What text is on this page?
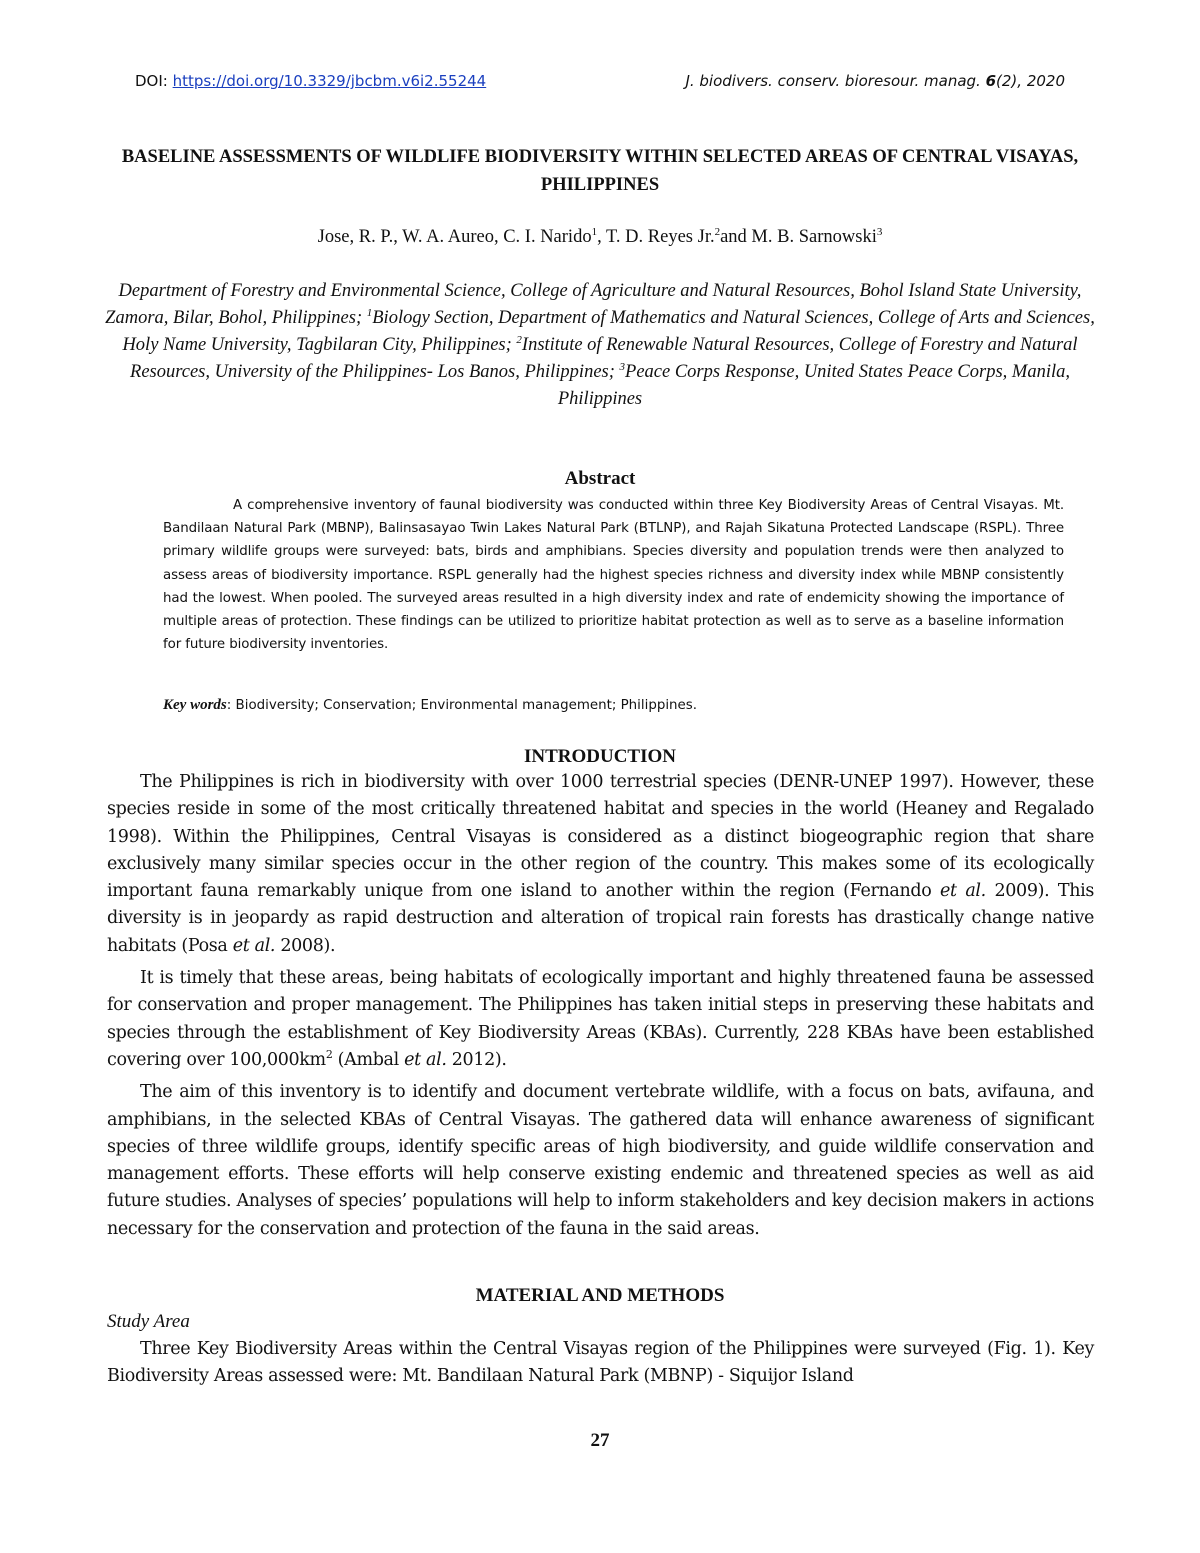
DOI: https://doi.org/10.3329/jbcbm.v6i2.55244	J. biodivers. conserv. bioresour. manag. 6(2), 2020
BASELINE ASSESSMENTS OF WILDLIFE BIODIVERSITY WITHIN SELECTED AREAS OF CENTRAL VISAYAS, PHILIPPINES
Jose, R. P., W. A. Aureo, C. I. Narido$^1$, T. D. Reyes Jr.$^2$and M. B. Sarnowski$^3$
Department of Forestry and Environmental Science, College of Agriculture and Natural Resources, Bohol Island State University, Zamora, Bilar, Bohol, Philippines; $^1$Biology Section, Department of Mathematics and Natural Sciences, College of Arts and Sciences, Holy Name University, Tagbilaran City, Philippines; $^2$Institute of Renewable Natural Resources, College of Forestry and Natural Resources, University of the Philippines- Los Banos, Philippines; $^3$Peace Corps Response, United States Peace Corps, Manila, Philippines
Abstract
A comprehensive inventory of faunal biodiversity was conducted within three Key Biodiversity Areas of Central Visayas. Mt. Bandilaan Natural Park (MBNP), Balinsasayao Twin Lakes Natural Park (BTLNP), and Rajah Sikatuna Protected Landscape (RSPL). Three primary wildlife groups were surveyed: bats, birds and amphibians. Species diversity and population trends were then analyzed to assess areas of biodiversity importance. RSPL generally had the highest species richness and diversity index while MBNP consistently had the lowest. When pooled. The surveyed areas resulted in a high diversity index and rate of endemicity showing the importance of multiple areas of protection. These findings can be utilized to prioritize habitat protection as well as to serve as a baseline information for future biodiversity inventories.
Key words: Biodiversity; Conservation; Environmental management; Philippines.
INTRODUCTION

The Philippines is rich in biodiversity with over 1000 terrestrial species (DENR-UNEP 1997). However, these species reside in some of the most critically threatened habitat and species in the world (Heaney and Regalado 1998). Within the Philippines, Central Visayas is considered as a distinct biogeographic region that share exclusively many similar species occur in the other region of the country. This makes some of its ecologically important fauna remarkably unique from one island to another within the region (Fernando et al. 2009). This diversity is in jeopardy as rapid destruction and alteration of tropical rain forests has drastically change native habitats (Posa et al. 2008).

It is timely that these areas, being habitats of ecologically important and highly threatened fauna be assessed for conservation and proper management. The Philippines has taken initial steps in preserving these habitats and species through the establishment of Key Biodiversity Areas (KBAs). Currently, 228 KBAs have been established covering over $100,000km^2$ (Ambal et al. 2012).

The aim of this inventory is to identify and document vertebrate wildlife, with a focus on bats, avifauna, and amphibians, in the selected KBAs of Central Visayas. The gathered data will enhance awareness of significant species of three wildlife groups, identify specific areas of high biodiversity, and guide wildlife conservation and management efforts. These efforts will help conserve existing endemic and threatened species as well as aid future studies. Analyses of species’ populations will help to inform stakeholders and key decision makers in actions necessary for the conservation and protection of the fauna in the said areas.

MATERIAL AND METHODS
Study Area

Three Key Biodiversity Areas within the Central Visayas region of the Philippines were surveyed (Fig. 1). Key Biodiversity Areas assessed were: Mt. Bandilaan Natural Park (MBNP) - Siquijor Island

27
